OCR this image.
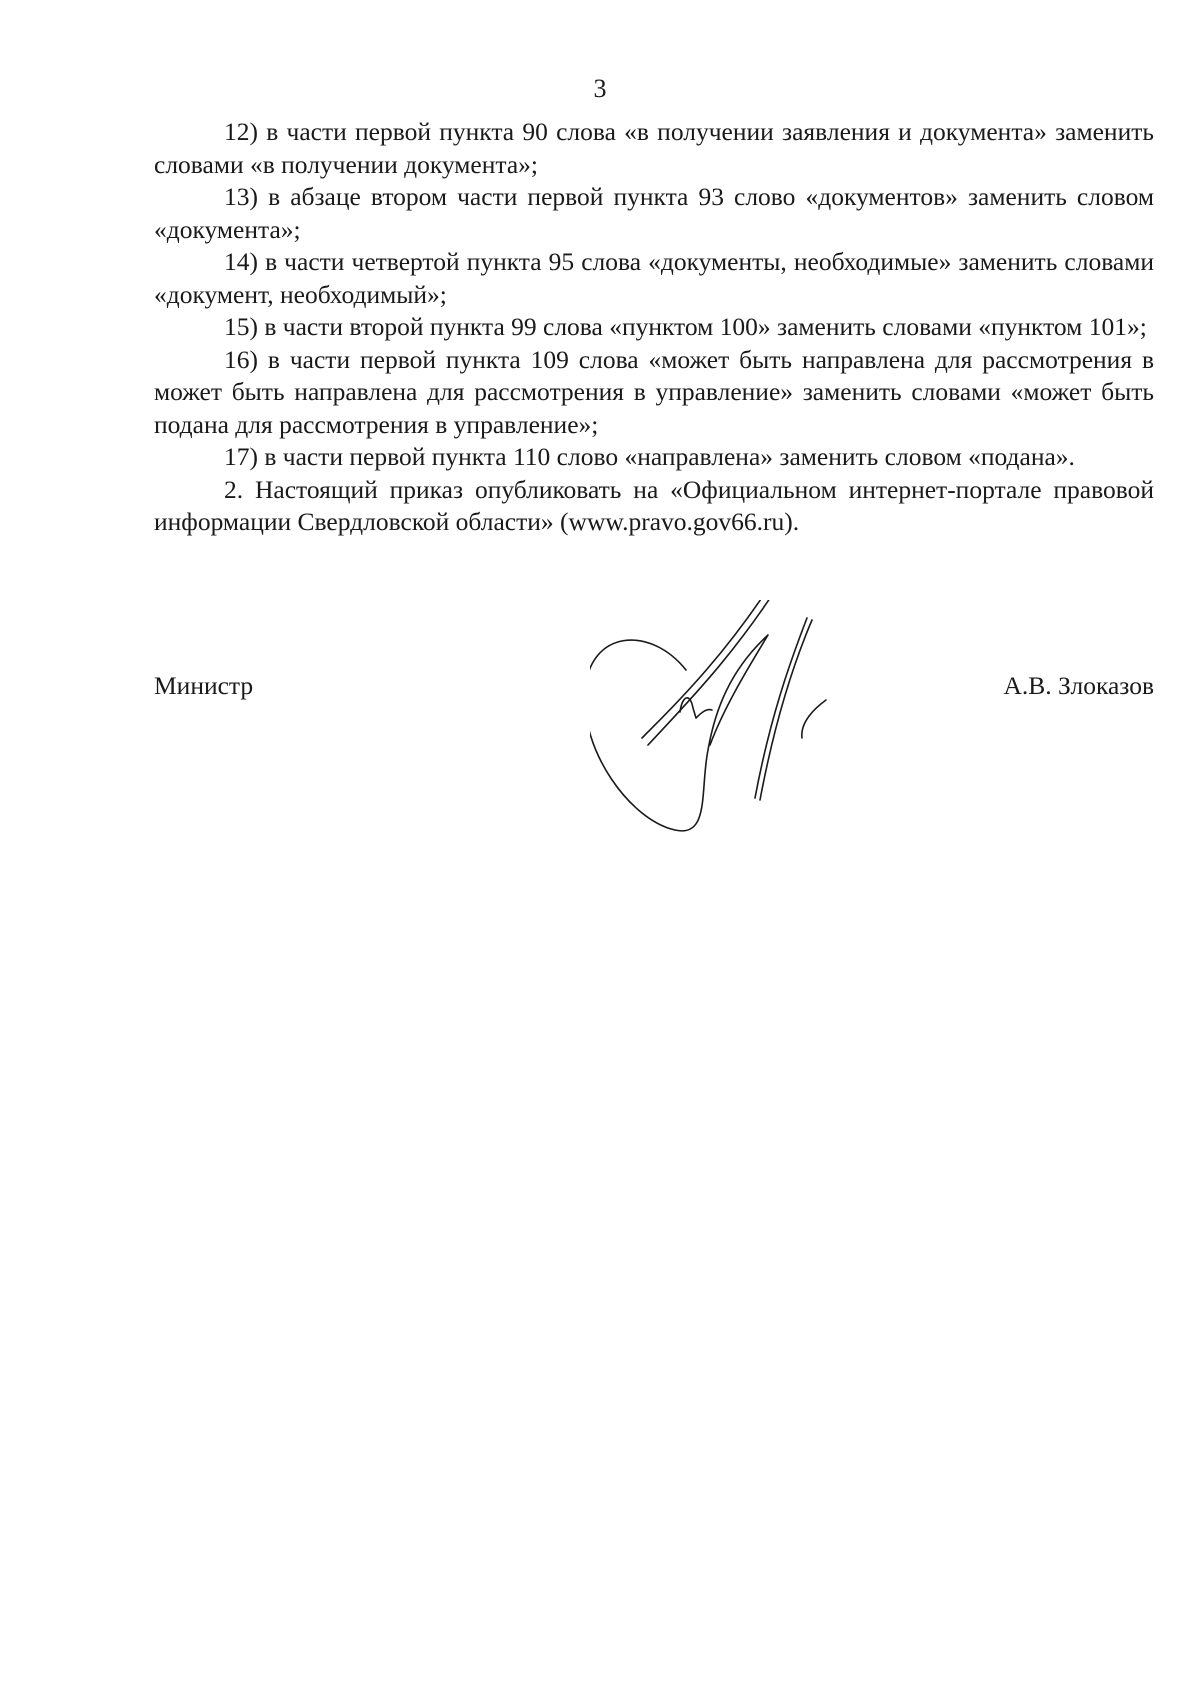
3

12) в части первой пункта 90 слова «в получении заявления и документа» заменить словами «в получении документа»;

13) в абзаце втором части первой пункта 93 слово «документов» заменить словом «документа»;

14) в части четвертой пункта 95 слова «документы, необходимые» заменить словами «документ, необходимый»;

15) в части второй пункта 99 слова «пунктом 100» заменить словами «пунктом 101»;

16) в части первой пункта 109 слова «может быть направлена для рассмотрения в может быть направлена для рассмотрения в управление» заменить словами «может быть подана для рассмотрения в управление»;

17) в части первой пункта 110 слово «направлена» заменить словом «подана».

2. Настоящий приказ опубликовать на «Официальном интернет-портале правовой информации Свердловской области» (www.pravo.gov66.ru).

Министр	А.В. Злоказов
